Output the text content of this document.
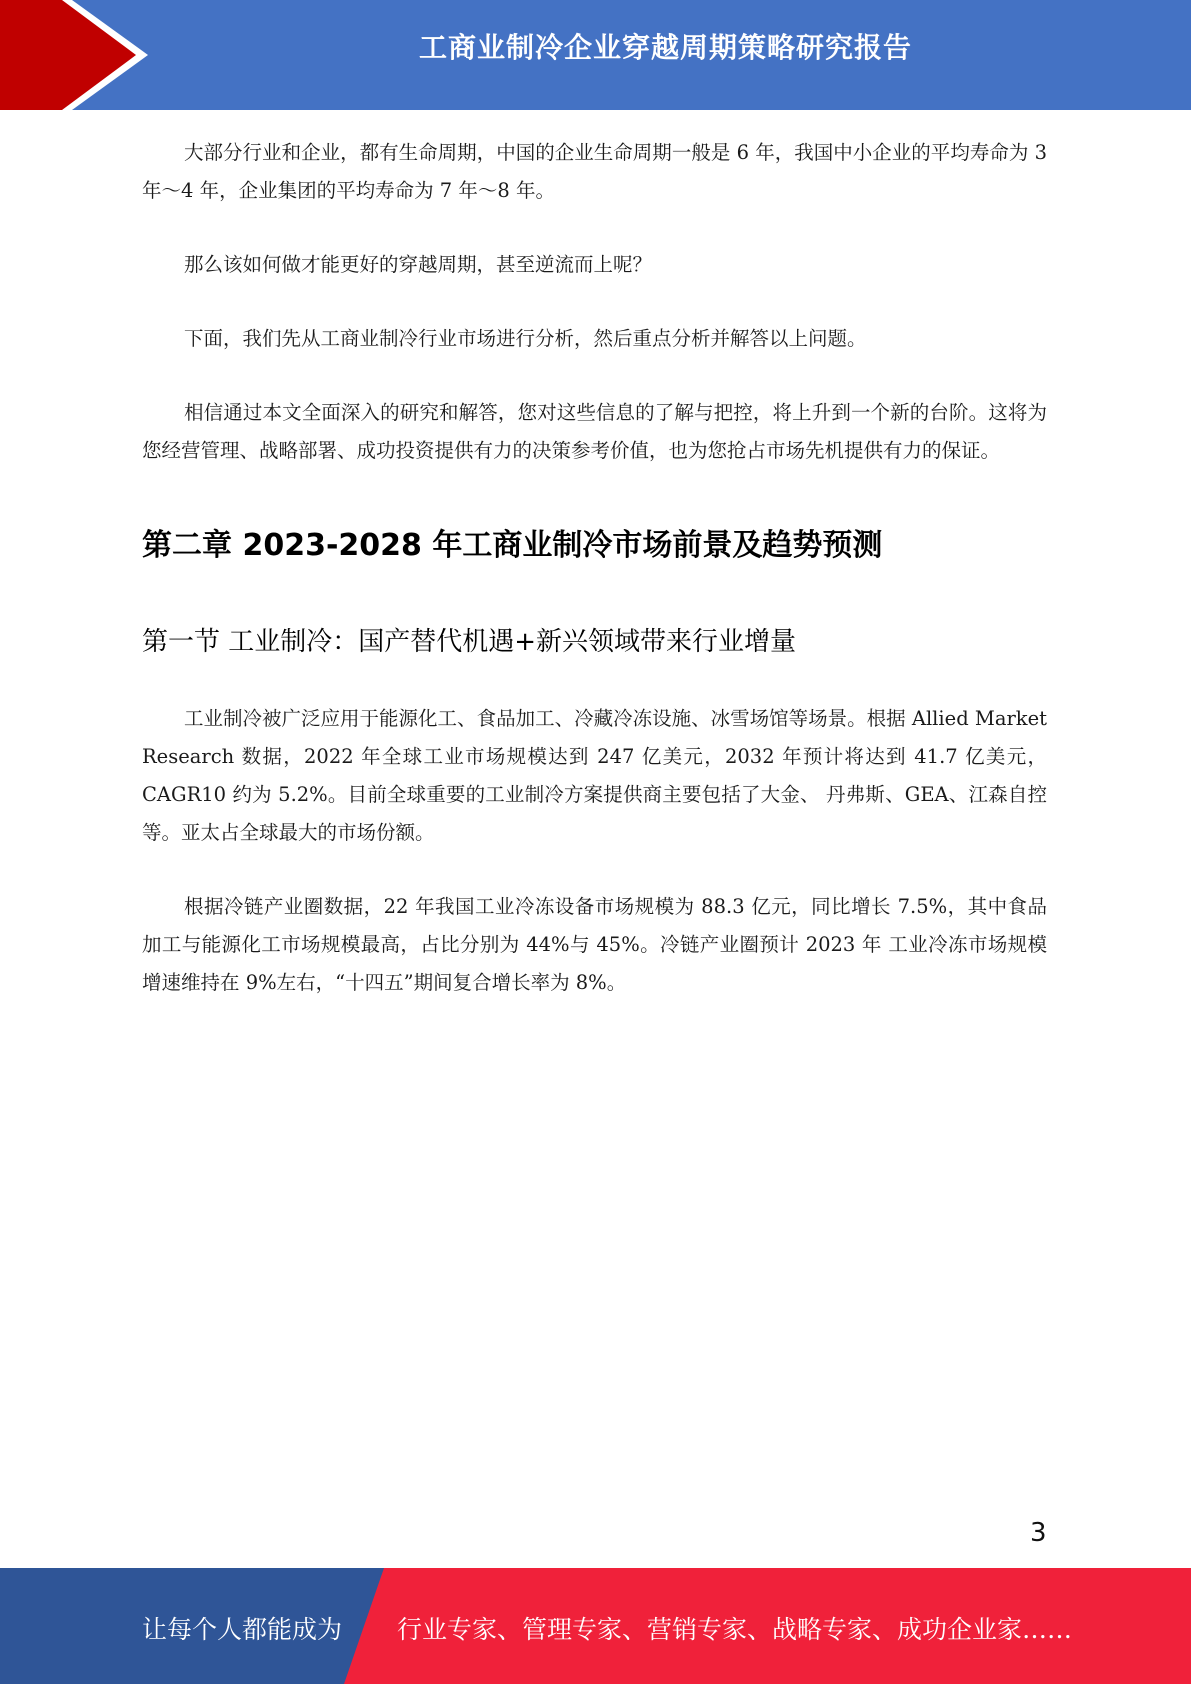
工商业制冷企业穿越周期策略研究报告

大部分行业和企业，都有生命周期，中国的企业生命周期一般是 6 年，我国中小企业的平均寿命为 3 年～4 年，企业集团的平均寿命为 7 年～8 年。

那么该如何做才能更好的穿越周期，甚至逆流而上呢？

下面，我们先从工商业制冷行业市场进行分析，然后重点分析并解答以上问题。

相信通过本文全面深入的研究和解答，您对这些信息的了解与把控，将上升到一个新的台阶。这将为您经营管理、战略部署、成功投资提供有力的决策参考价值，也为您抢占市场先机提供有力的保证。

第二章 2023-2028 年工商业制冷市场前景及趋势预测
第一节 工业制冷：国产替代机遇+新兴领域带来行业增量

工业制冷被广泛应用于能源化工、食品加工、冷藏冷冻设施、冰雪场馆等场景。根据 Allied Market Research 数据，2022 年全球工业市场规模达到 247 亿美元，2032 年预计将达到 41.7 亿美元，CAGR10 约为 5.2%。目前全球重要的工业制冷方案提供商主要包括了大金、 丹弗斯、GEA、江森自控等。亚太占全球最大的市场份额。

根据冷链产业圈数据，22 年我国工业冷冻设备市场规模为 88.3 亿元，同比增长 7.5%，其中食品加工与能源化工市场规模最高，占比分别为 44%与 45%。冷链产业圈预计 2023 年 工业冷冻市场规模增速维持在 9%左右，“十四五”期间复合增长率为 8%。

3
让每个人都能成为 行业专家、管理专家、营销专家、战略专家、成功企业家……
